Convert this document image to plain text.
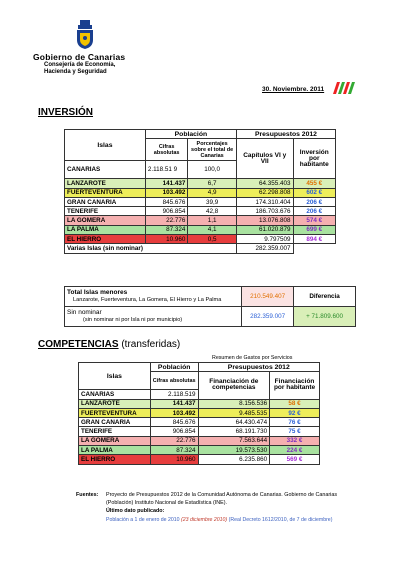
Gobierno de Canarias
Consejería de Economía,
Hacienda y Seguridad
30. Noviembre. 2011
INVERSIÓN
Islas	Población		Presupuestos 2012	
	Cifras absolutas	Porcentajes sobre el total de Canarias	Capítulos VI y VII	Inversión por habitante
CANARIAS	2.118.51 9	100,0		
LANZAROTE	141.437	6,7	64.355.403	455 €
FUERTEVENTURA	103.492	4,9	62.298.808	602 €
GRAN CANARIA	845.676	39,9	174.310.404	206 €
TENERIFE	906.854	42,8	186.703.676	206 €
LA GOMERA	22.776	1,1	13.076.808	574 €
LA PALMA	87.324	4,1	61.020.879	699 €
EL HIERRO	10.960	0,5	9.797509	894 €
Varias Islas (sin nominar)			282.359.007	
Total Islas menores
Lanzarote, Fuerteventura, La Gomera, El Hierro y La Palma	210.549.407	Diferencia

Sin nominar
(sin nominar ni por Isla ni por municipio)	282.359.007	+ 71.809.600
COMPETENCIAS (transferidas)
Resumen de Gastos por Servicios
Islas	Población	Presupuestos 2012	
	Cifras absolutas	Financiación de competencias	Financiación por habitante
CANARIAS	2.118.519		
LANZAROTE	141.437	8.156.536	58 €
FUERTEVENTURA	103.492	9.485.535	92 €
GRAN CANARIA	845.676	64.430.474	76 €
TENERIFE	906.854	68.191.730	75 €
LA GOMERA	22.776	7.563.644	332 €
LA PALMA	87.324	19.573.530	224 €
EL HIERRO	10.960	6.235.860	569 €
Fuentes: Proyecto de Presupuestos 2012 de la Comunidad Autónoma de Canarias. Gobierno de Canarias
(Población) Instituto Nacional de Estadística (INE).
Último dato publicado:
Población a 1 de enero de 2010 (23 diciembre 2010) (Real Decreto 1612/2010, de 7 de diciembre)
